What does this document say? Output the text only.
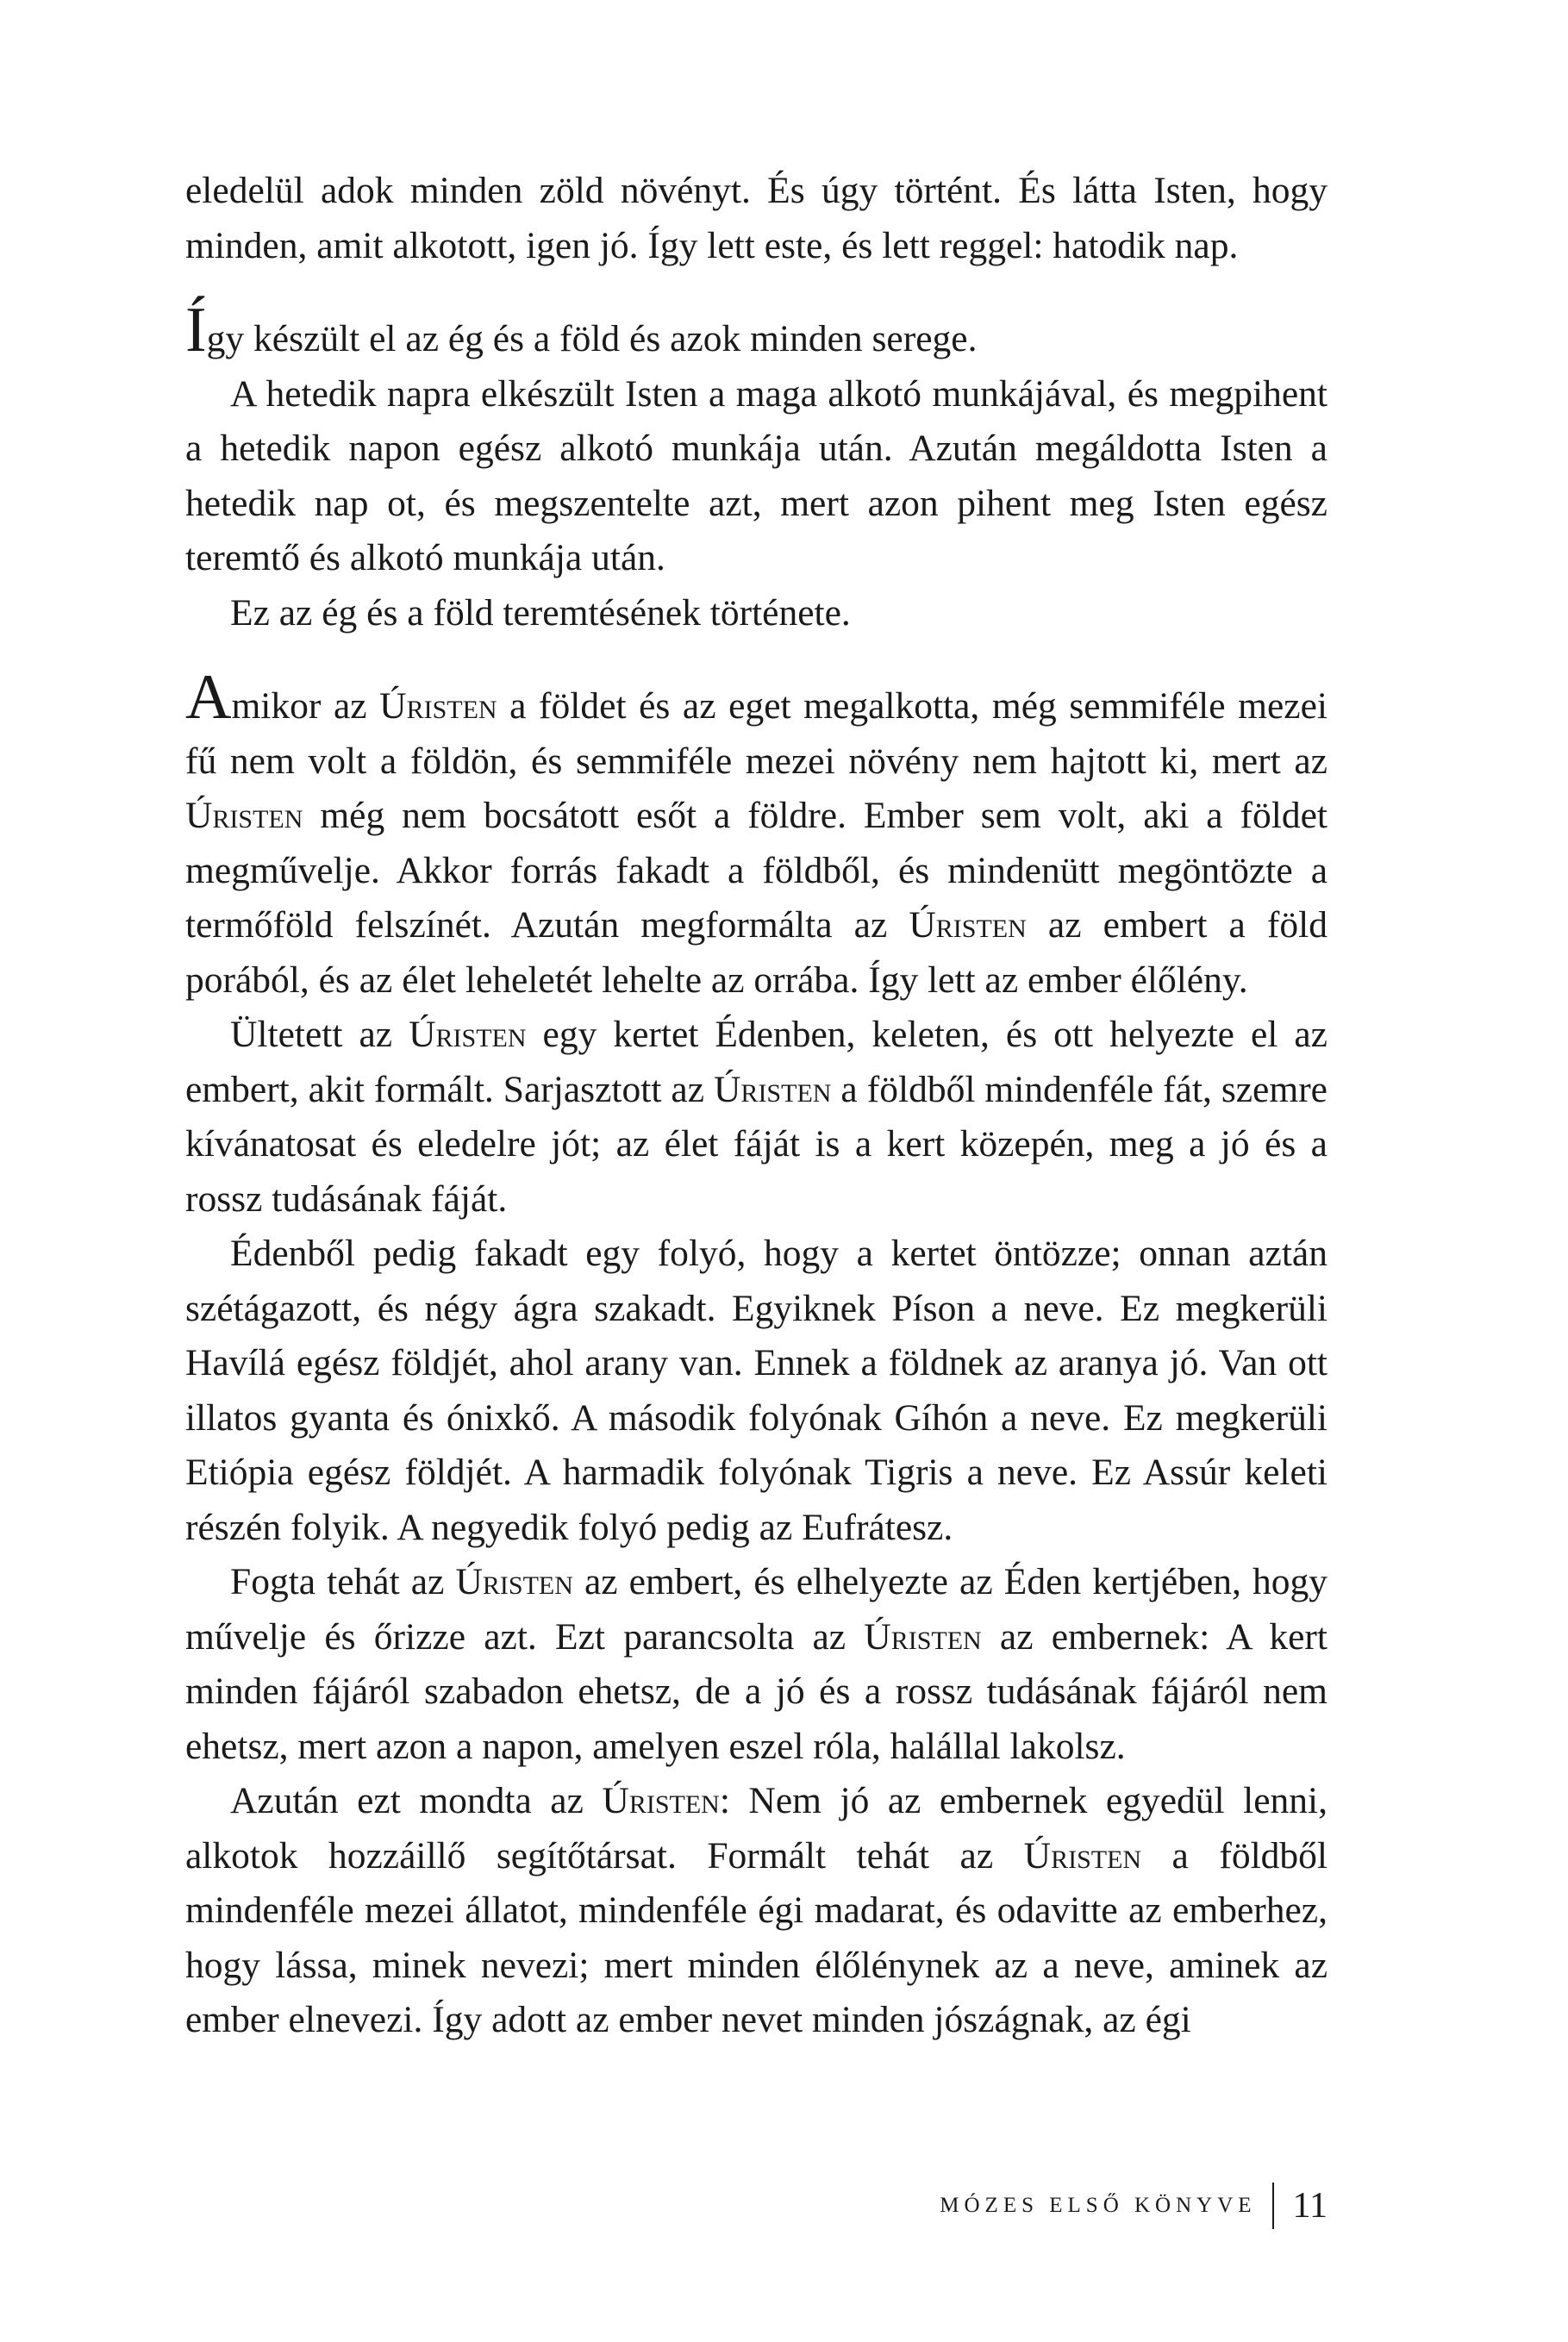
eledelül adok minden zöld növényt. És úgy történt. És látta Isten, hogy minden, amit alkotott, igen jó. Így lett este, és lett reggel: hatodik nap.

Így készült el az ég és a föld és azok minden serege.

A hetedik napra elkészült Isten a maga alkotó munkájával, és megpihent a hetedik napon egész alkotó munkája után. Azután megáldotta Isten a hetedik nap ot, és megszentelte azt, mert azon pihent meg Isten egész teremtő és alkotó munkája után.

Ez az ég és a föld teremtésének története.

Amikor az Úristen a földet és az eget megalkotta, még semmiféle mezei fű nem volt a földön, és semmiféle mezei növény nem hajtott ki, mert az Úristen még nem bocsátott esőt a földre. Ember sem volt, aki a földet megművelje. Akkor forrás fakadt a földből, és mindenütt megöntözte a termőföld felszínét. Azután megformálta az Úristen az embert a föld porából, és az élet leheletét lehelte az orrába. Így lett az ember élőlény.

Ültetett az Úristen egy kertet Édenben, keleten, és ott helyezte el az embert, akit formált. Sarjasztott az Úristen a földből mindenféle fát, szemre kívánatosat és eledelre jót; az élet fáját is a kert közepén, meg a jó és a rossz tudásának fáját.

Édenből pedig fakadt egy folyó, hogy a kertet öntözze; onnan aztán szétágazott, és négy ágra szakadt. Egyiknek Píson a neve. Ez megkerüli Havílá egész földjét, ahol arany van. Ennek a földnek az aranya jó. Van ott illatos gyanta és ónixkő. A második folyónak Gíhón a neve. Ez megkerüli Etiópia egész földjét. A harmadik folyónak Tigris a neve. Ez Assúr keleti részén folyik. A negyedik folyó pedig az Eufrátesz.

Fogta tehát az Úristen az embert, és elhelyezte az Éden kertjében, hogy művelje és őrizze azt. Ezt parancsolta az Úristen az embernek: A kert minden fájáról szabadon ehetsz, de a jó és a rossz tudásának fájáról nem ehetsz, mert azon a napon, amelyen eszel róla, halállal lakolsz.

Azután ezt mondta az Úristen: Nem jó az embernek egyedül lenni, alkotok hozzáillő segítőtársat. Formált tehát az Úristen a földből mindenféle mezei állatot, mindenféle égi madarat, és odavitte az emberhez, hogy lássa, minek nevezi; mert minden élőlénynek az a neve, aminek az ember elnevezi. Így adott az ember nevet minden jószágnak, az égi

MÓZES ELSŐ KÖNYVE 11
